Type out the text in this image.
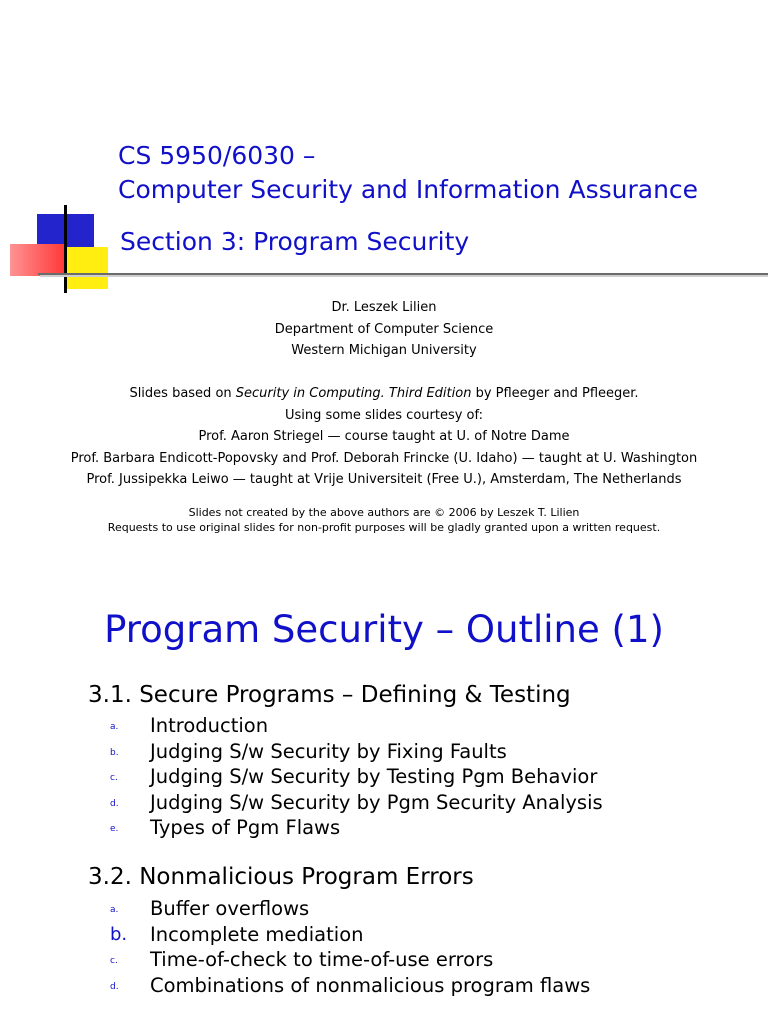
CS 5950/6030 –
Computer Security and Information Assurance
Section 3: Program Security
Dr. Leszek Lilien
Department of Computer Science
Western Michigan University
Slides based on Security in Computing. Third Edition by Pfleeger and Pfleeger.
Using some slides courtesy of:
Prof. Aaron Striegel — course taught at U. of Notre Dame
Prof. Barbara Endicott-Popovsky and Prof. Deborah Frincke (U. Idaho) — taught at U. Washington
Prof. Jussipekka Leiwo — taught at Vrije Universiteit (Free U.), Amsterdam, The Netherlands
Slides not created by the above authors are © 2006 by Leszek T. Lilien
Requests to use original slides for non-profit purposes will be gladly granted upon a written request.
Program Security – Outline (1)
3.1. Secure Programs – Defining & Testing
a.	Introduction
b.	Judging S/w Security by Fixing Faults
c.	Judging S/w Security by Testing Pgm Behavior
d.	Judging S/w Security by Pgm Security Analysis
e.	Types of Pgm Flaws
3.2. Nonmalicious Program Errors
a.	Buffer overflows
b. Incomplete mediation
c.	Time-of-check to time-of-use errors
d.	Combinations of nonmalicious program flaws
